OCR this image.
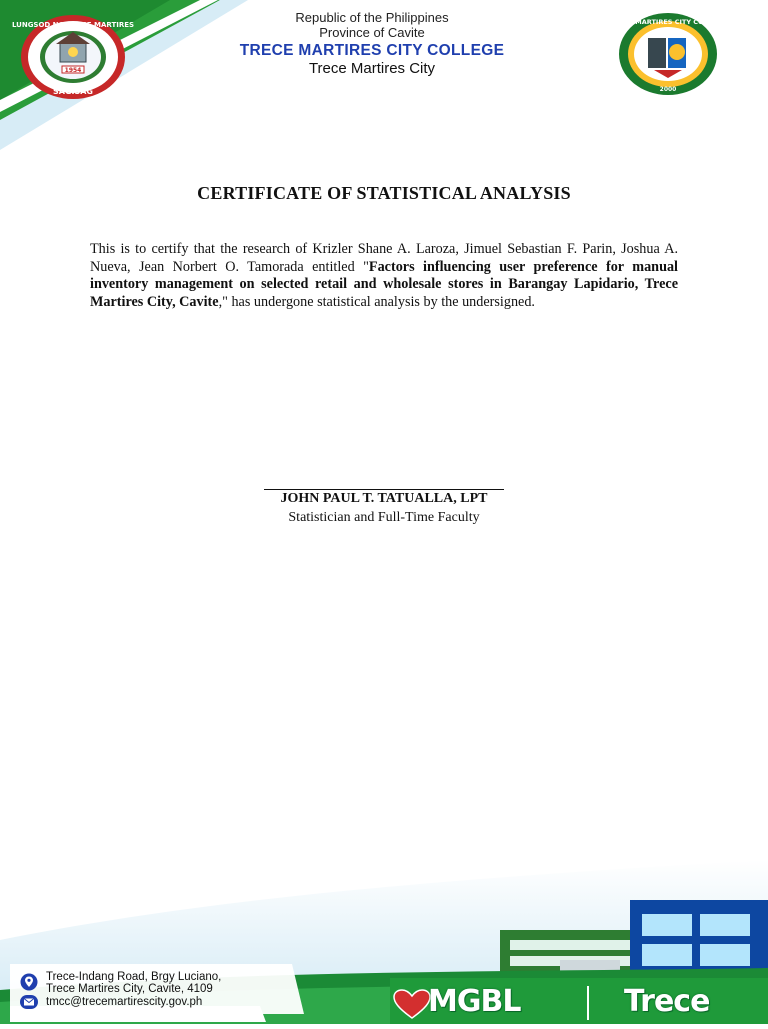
1954
LUNGSOD NG TRECE MARTIRES
SAGISAG
Republic of the Philippines
Province of Cavite
TRECE MARTIRES CITY COLLEGE
Trece Martires City
TRECE MARTIRES CITY COLLEGE
2000
CERTIFICATE OF STATISTICAL ANALYSIS
This is to certify that the research of Krizler Shane A. Laroza, Jimuel Sebastian F. Parin, Joshua A. Nueva, Jean Norbert O. Tamorada entitled "Factors influencing user preference for manual inventory management on selected retail and wholesale stores in Barangay Lapidario, Trece Martires City, Cavite," has undergone statistical analysis by the undersigned.
JOHN PAUL T. TATUALLA, LPT
Statistician and Full-Time Faculty
Trece-Indang Road, Brgy Luciano,
Trece Martires City, Cavite, 4109
tmcc@trecemartirescity.gov.ph	MGBL	Trece
